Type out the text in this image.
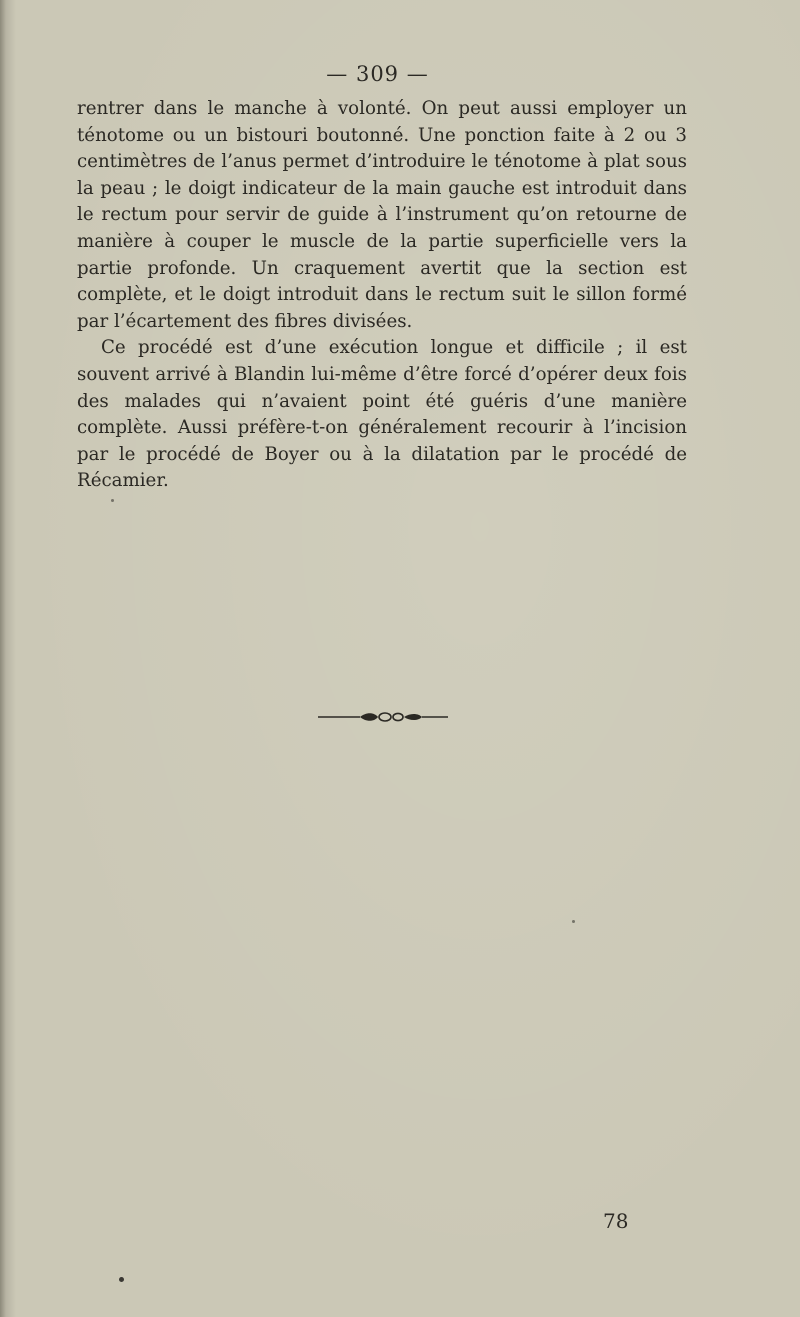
— 309 —

rentrer dans le manche à volonté. On peut aussi employer un ténotome ou un bistouri boutonné. Une ponction faite à 2 ou 3 centimètres de l’anus permet d’introduire le ténotome à plat sous la peau ; le doigt indicateur de la main gauche est introduit dans le rectum pour servir de guide à l’instrument qu’on retourne de manière à couper le muscle de la partie superficielle vers la partie profonde. Un craquement avertit que la section est complète, et le doigt introduit dans le rectum suit le sillon formé par l’écartement des fibres divisées.

Ce procédé est d’une exécution longue et difficile ; il est souvent arrivé à Blandin lui-même d’être forcé d’opérer deux fois des malades qui n’avaient point été guéris d’une manière complète. Aussi préfère-t-on généralement recourir à l’incision par le procédé de Boyer ou à la dilatation par le procédé de Récamier.

78
